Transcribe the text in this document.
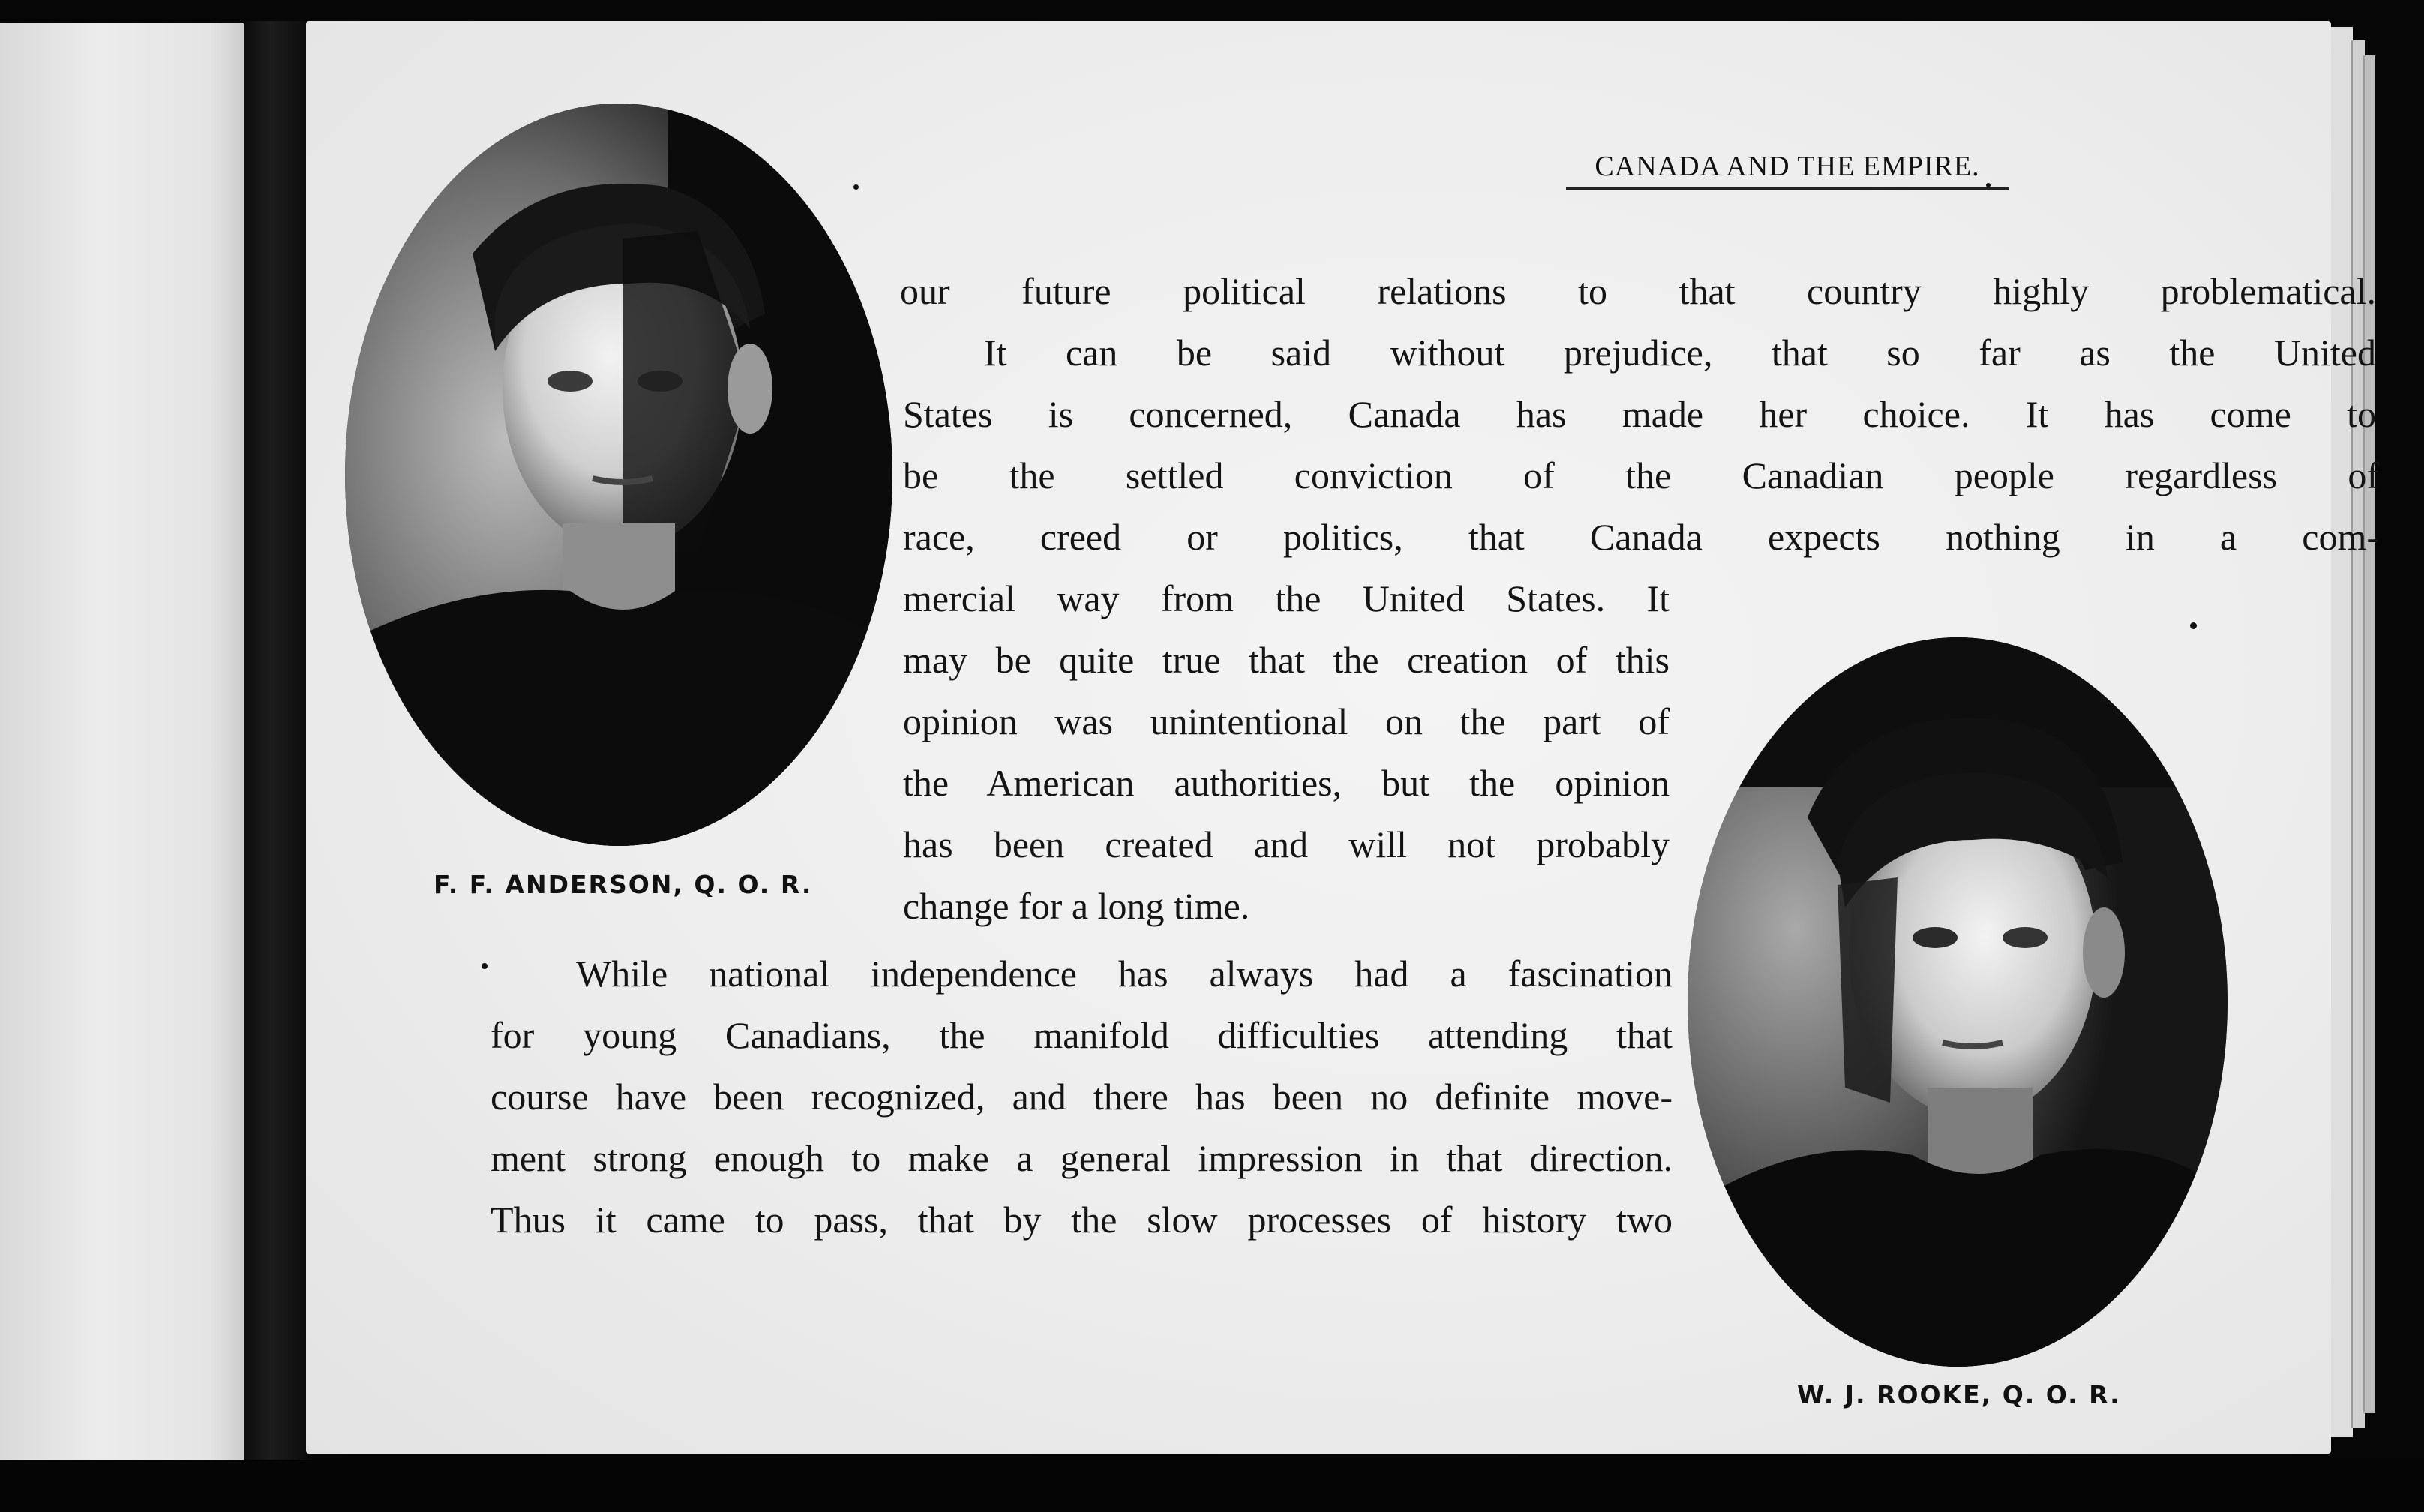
CANADA AND THE EMPIRE.
F. F. ANDERSON, Q. O. R.
W. J. ROOKE, Q. O. R.
our future political relations to that country highly problematical.
It can be said without prejudice, that so far as the United
States is concerned, Canada has made her choice. It has come to
be the settled conviction of the Canadian people regardless of
race, creed or politics, that Canada expects nothing in a com-
mercial way from the United States. It
may be quite true that the creation of this
opinion was unintentional on the part of
the American authorities, but the opinion
has been created and will not probably
change for a long time.
While national independence has always had a fascination
for young Canadians, the manifold difficulties attending that
course have been recognized, and there has been no definite move-
ment strong enough to make a general impression in that direction.
Thus it came to pass, that by the slow processes of history two
